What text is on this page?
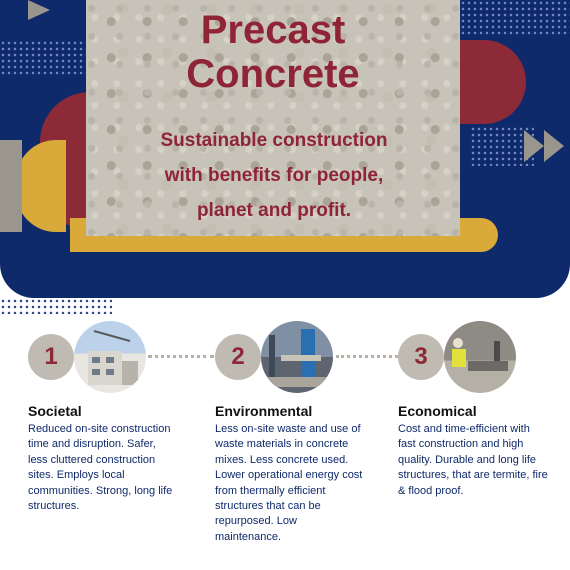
Precast
Concrete
Sustainable construction
with benefits for people,
planet and profit.
1	2	3
Societal
Reduced on-site construction time and disruption. Safer, less cluttered construction sites. Employs local communities. Strong, long life structures.
Environmental
Less on-site waste and use of waste materials in concrete mixes. Less concrete used. Lower operational energy cost from thermally efficient structures that can be repurposed. Low maintenance.
Economical
Cost and time-efficient with fast construction and high quality. Durable and long life structures, that are termite, fire & flood proof.
